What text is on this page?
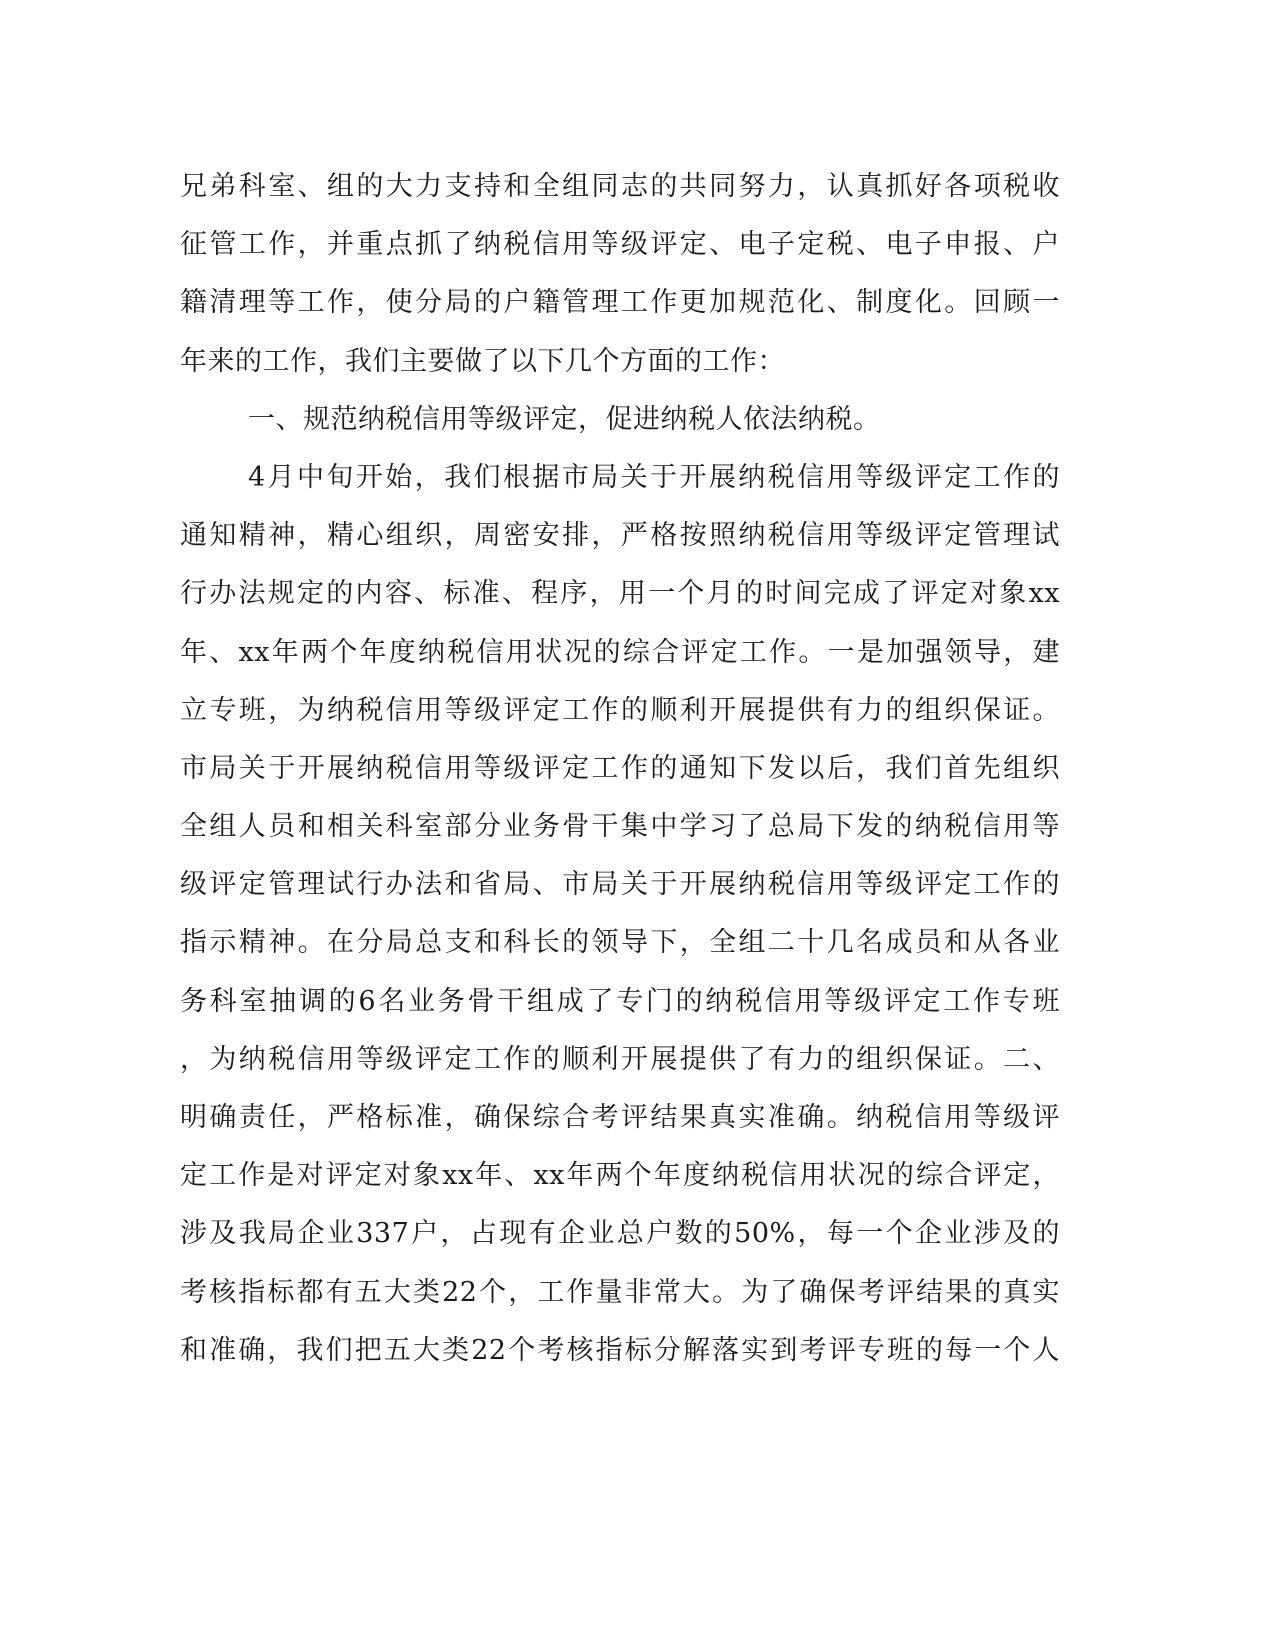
兄弟科室、组的大力支持和全组同志的共同努力，认真抓好各项税收
征管工作，并重点抓了纳税信用等级评定、电子定税、电子申报、户
籍清理等工作，使分局的户籍管理工作更加规范化、制度化。回顾一
年来的工作，我们主要做了以下几个方面的工作：
一、规范纳税信用等级评定，促进纳税人依法纳税。
4月中旬开始，我们根据市局关于开展纳税信用等级评定工作的
通知精神，精心组织，周密安排，严格按照纳税信用等级评定管理试
行办法规定的内容、标准、程序，用一个月的时间完成了评定对象xx
年、xx年两个年度纳税信用状况的综合评定工作。一是加强领导，建
立专班，为纳税信用等级评定工作的顺利开展提供有力的组织保证。
市局关于开展纳税信用等级评定工作的通知下发以后，我们首先组织
全组人员和相关科室部分业务骨干集中学习了总局下发的纳税信用等
级评定管理试行办法和省局、市局关于开展纳税信用等级评定工作的
指示精神。在分局总支和科长的领导下，全组二十几名成员和从各业
务科室抽调的6名业务骨干组成了专门的纳税信用等级评定工作专班
，为纳税信用等级评定工作的顺利开展提供了有力的组织保证。二、
明确责任，严格标准，确保综合考评结果真实准确。纳税信用等级评
定工作是对评定对象xx年、xx年两个年度纳税信用状况的综合评定，
涉及我局企业337户，占现有企业总户数的50%，每一个企业涉及的
考核指标都有五大类22个，工作量非常大。为了确保考评结果的真实
和准确，我们把五大类22个考核指标分解落实到考评专班的每一个人
